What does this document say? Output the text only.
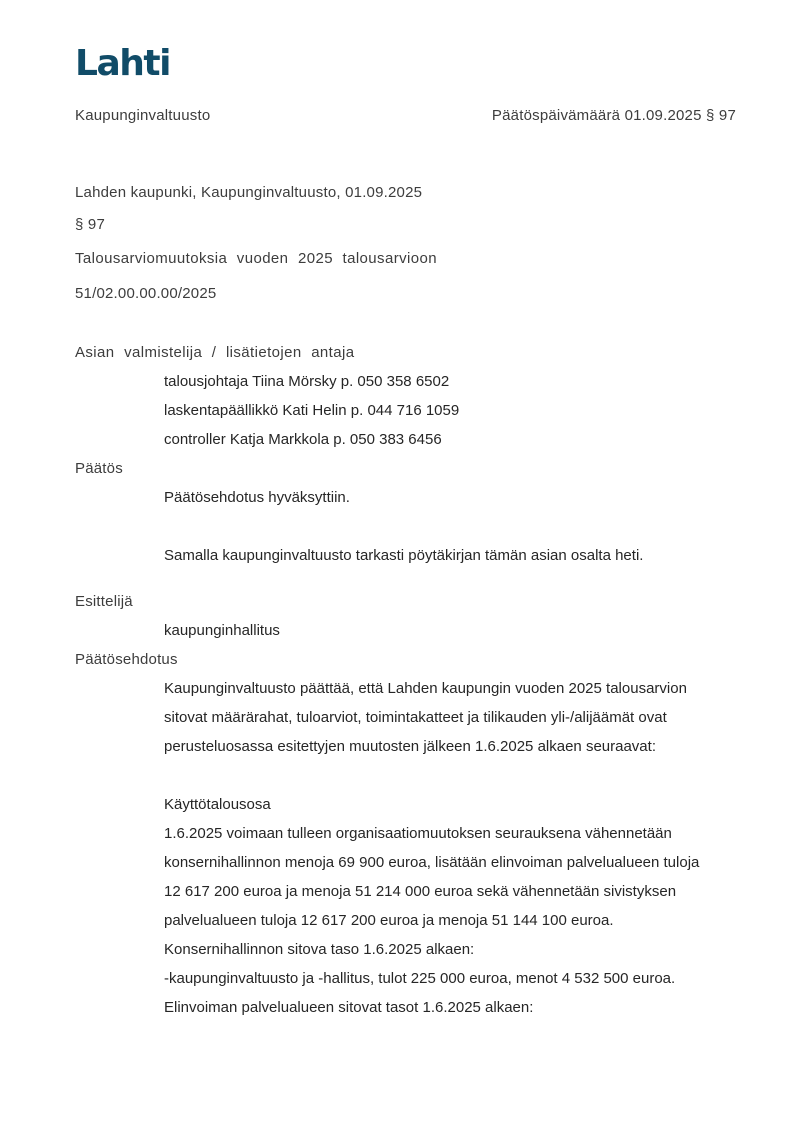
Lahti
Kaupunginvaltuusto	Päätöspäivämäärä 01.09.2025 § 97
Lahden kaupunki, Kaupunginvaltuusto, 01.09.2025
§ 97
Talousarviomuutoksia vuoden 2025 talousarvioon
51/02.00.00.00/2025
Asian valmistelija / lisätietojen antaja
talousjohtaja Tiina Mörsky p. 050 358 6502
laskentapäällikkö Kati Helin p. 044 716 1059
controller Katja Markkola p. 050 383 6456
Päätös
Päätösehdotus hyväksyttiin.
Samalla kaupunginvaltuusto tarkasti pöytäkirjan tämän asian osalta heti.
Esittelijä
kaupunginhallitus
Päätösehdotus
Kaupunginvaltuusto päättää, että Lahden kaupungin vuoden 2025 talousarvion
sitovat määrärahat, tuloarviot, toimintakatteet ja tilikauden yli-/alijäämät ovat
perusteluosassa esitettyjen muutosten jälkeen 1.6.2025 alkaen seuraavat:
Käyttötalousosa
1.6.2025 voimaan tulleen organisaatiomuutoksen seurauksena vähennetään
konsernihallinnon menoja 69 900 euroa, lisätään elinvoiman palvelualueen tuloja
12 617 200 euroa ja menoja 51 214 000 euroa sekä vähennetään sivistyksen
palvelualueen tuloja 12 617 200 euroa ja menoja 51 144 100 euroa.
Konsernihallinnon sitova taso 1.6.2025 alkaen:
-kaupunginvaltuusto ja -hallitus, tulot 225 000 euroa, menot 4 532 500 euroa.
Elinvoiman palvelualueen sitovat tasot 1.6.2025 alkaen:
